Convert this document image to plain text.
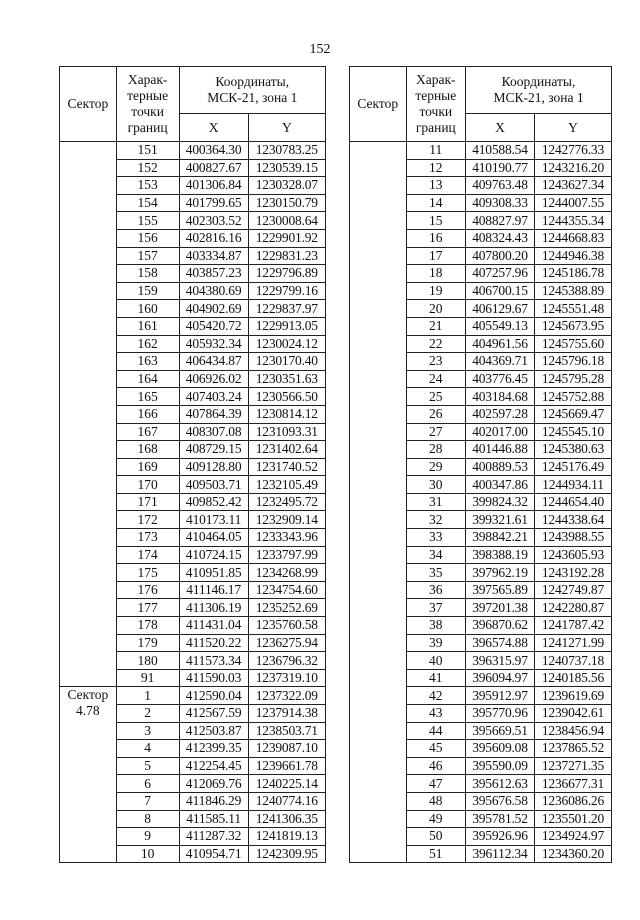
152
Сектор	Харак-
терные
точки
границ	Координаты,
МСК-21, зона 1	
		X	Y
	151	400364.30	1230783.25
	152	400827.67	1230539.15
	153	401306.84	1230328.07
	154	401799.65	1230150.79
	155	402303.52	1230008.64
	156	402816.16	1229901.92
	157	403334.87	1229831.23
	158	403857.23	1229796.89
	159	404380.69	1229799.16
	160	404902.69	1229837.97
	161	405420.72	1229913.05
	162	405932.34	1230024.12
	163	406434.87	1230170.40
	164	406926.02	1230351.63
	165	407403.24	1230566.50
	166	407864.39	1230814.12
	167	408307.08	1231093.31
	168	408729.15	1231402.64
	169	409128.80	1231740.52
	170	409503.71	1232105.49
	171	409852.42	1232495.72
	172	410173.11	1232909.14
	173	410464.05	1233343.96
	174	410724.15	1233797.99
	175	410951.85	1234268.99
	176	411146.17	1234754.60
	177	411306.19	1235252.69
	178	411431.04	1235760.58
	179	411520.22	1236275.94
	180	411573.34	1236796.32
	91	411590.03	1237319.10
Сектор
4.78	1	412590.04	1237322.09
	2	412567.59	1237914.38
	3	412503.87	1238503.71
	4	412399.35	1239087.10
	5	412254.45	1239661.78
	6	412069.76	1240225.14
	7	411846.29	1240774.16
	8	411585.11	1241306.35
	9	411287.32	1241819.13
	10	410954.71	1242309.95
Сектор	Харак-
терные
точки
границ	Координаты,
МСК-21, зона 1	
		X	Y
	11	410588.54	1242776.33
	12	410190.77	1243216.20
	13	409763.48	1243627.34
	14	409308.33	1244007.55
	15	408827.97	1244355.34
	16	408324.43	1244668.83
	17	407800.20	1244946.38
	18	407257.96	1245186.78
	19	406700.15	1245388.89
	20	406129.67	1245551.48
	21	405549.13	1245673.95
	22	404961.56	1245755.60
	23	404369.71	1245796.18
	24	403776.45	1245795.28
	25	403184.68	1245752.88
	26	402597.28	1245669.47
	27	402017.00	1245545.10
	28	401446.88	1245380.63
	29	400889.53	1245176.49
	30	400347.86	1244934.11
	31	399824.32	1244654.40
	32	399321.61	1244338.64
	33	398842.21	1243988.55
	34	398388.19	1243605.93
	35	397962.19	1243192.28
	36	397565.89	1242749.87
	37	397201.38	1242280.87
	38	396870.62	1241787.42
	39	396574.88	1241271.99
	40	396315.97	1240737.18
	41	396094.97	1240185.56
	42	395912.97	1239619.69
	43	395770.96	1239042.61
	44	395669.51	1238456.94
	45	395609.08	1237865.52
	46	395590.09	1237271.35
	47	395612.63	1236677.31
	48	395676.58	1236086.26
	49	395781.52	1235501.20
	50	395926.96	1234924.97
	51	396112.34	1234360.20
